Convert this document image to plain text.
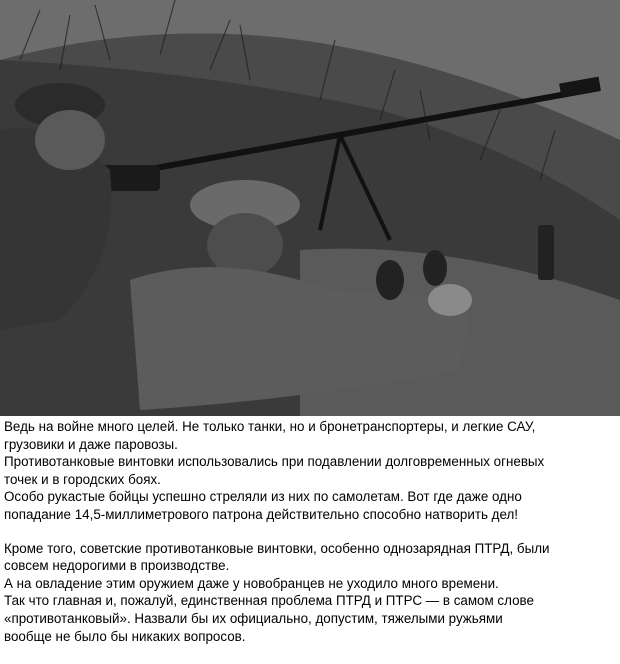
Ведь на войне много целей. Не только танки, но и бронетранспортеры, и легкие САУ,

грузовики и даже паровозы.

Противотанковые винтовки использовались при подавлении долговременных огневых

точек и в городских боях.

Особо рукастые бойцы успешно стреляли из них по самолетам. Вот где даже одно

попадание 14,5-миллиметрового патрона действительно способно натворить дел!

Кроме того, советские противотанковые винтовки, особенно однозарядная ПТРД, были

совсем недорогими в производстве.

А на овладение этим оружием даже у новобранцев не уходило много времени.

Так что главная и, пожалуй, единственная проблема ПТРД и ПТРС — в самом слове

«противотанковый». Назвали бы их официально, допустим, тяжелыми ружьями

вообще не было бы никаких вопросов.
